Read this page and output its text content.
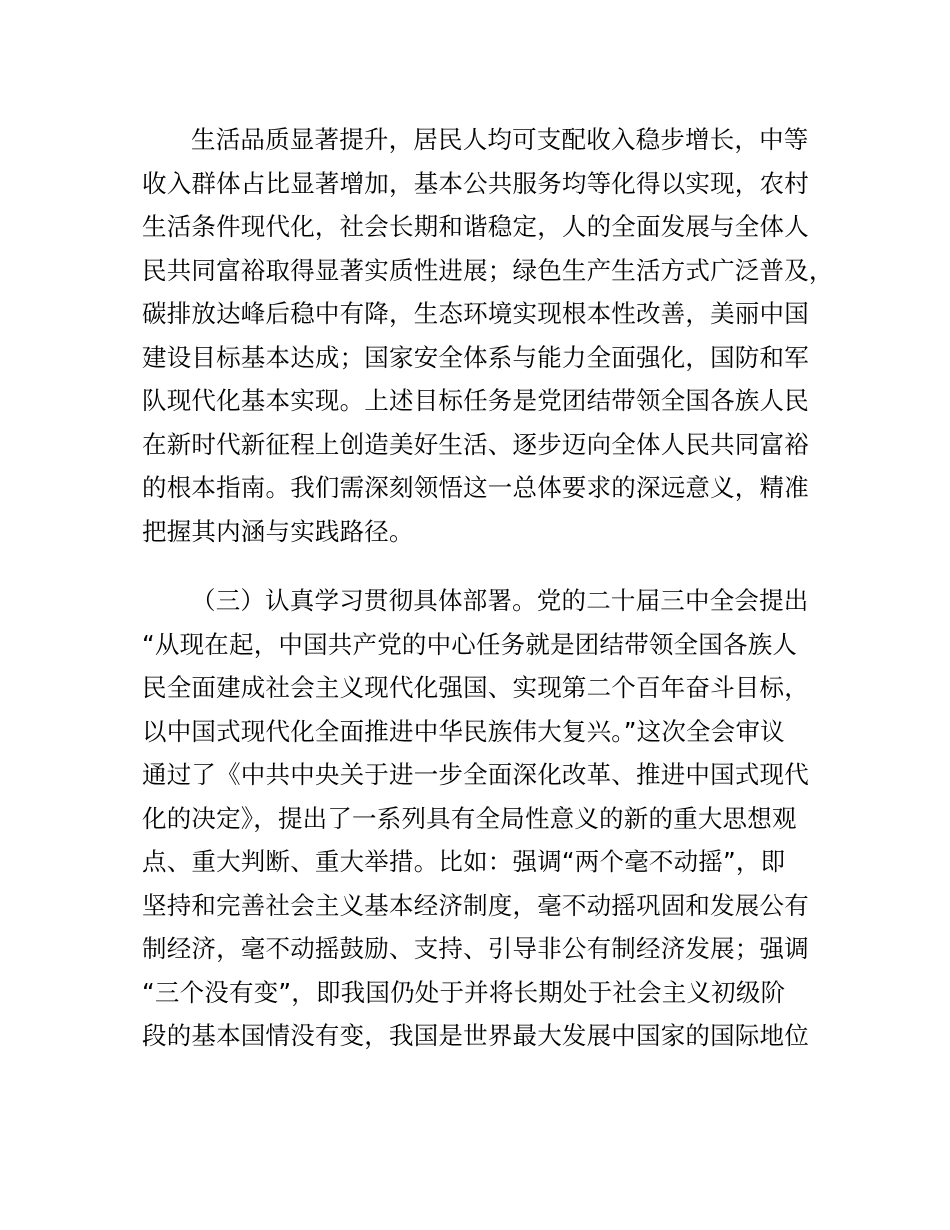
生活品质显著提升，居民人均可支配收入稳步增长，中等
收入群体占比显著增加，基本公共服务均等化得以实现，农村
生活条件现代化，社会长期和谐稳定，人的全面发展与全体人
民共同富裕取得显著实质性进展；绿色生产生活方式广泛普及，
碳排放达峰后稳中有降，生态环境实现根本性改善，美丽中国
建设目标基本达成；国家安全体系与能力全面强化，国防和军
队现代化基本实现。上述目标任务是党团结带领全国各族人民
在新时代新征程上创造美好生活、逐步迈向全体人民共同富裕
的根本指南。我们需深刻领悟这一总体要求的深远意义，精准
把握其内涵与实践路径。
（三）认真学习贯彻具体部署。党的二十届三中全会提出
“从现在起，中国共产党的中心任务就是团结带领全国各族人
民全面建成社会主义现代化强国、实现第二个百年奋斗目标，
以中国式现代化全面推进中华民族伟大复兴。”这次全会审议
通过了《中共中央关于进一步全面深化改革、推进中国式现代
化的决定》，提出了一系列具有全局性意义的新的重大思想观
点、重大判断、重大举措。比如：强调“两个毫不动摇”，即
坚持和完善社会主义基本经济制度，毫不动摇巩固和发展公有
制经济，毫不动摇鼓励、支持、引导非公有制经济发展；强调
“三个没有变”，即我国仍处于并将长期处于社会主义初级阶
段的基本国情没有变，我国是世界最大发展中国家的国际地位
